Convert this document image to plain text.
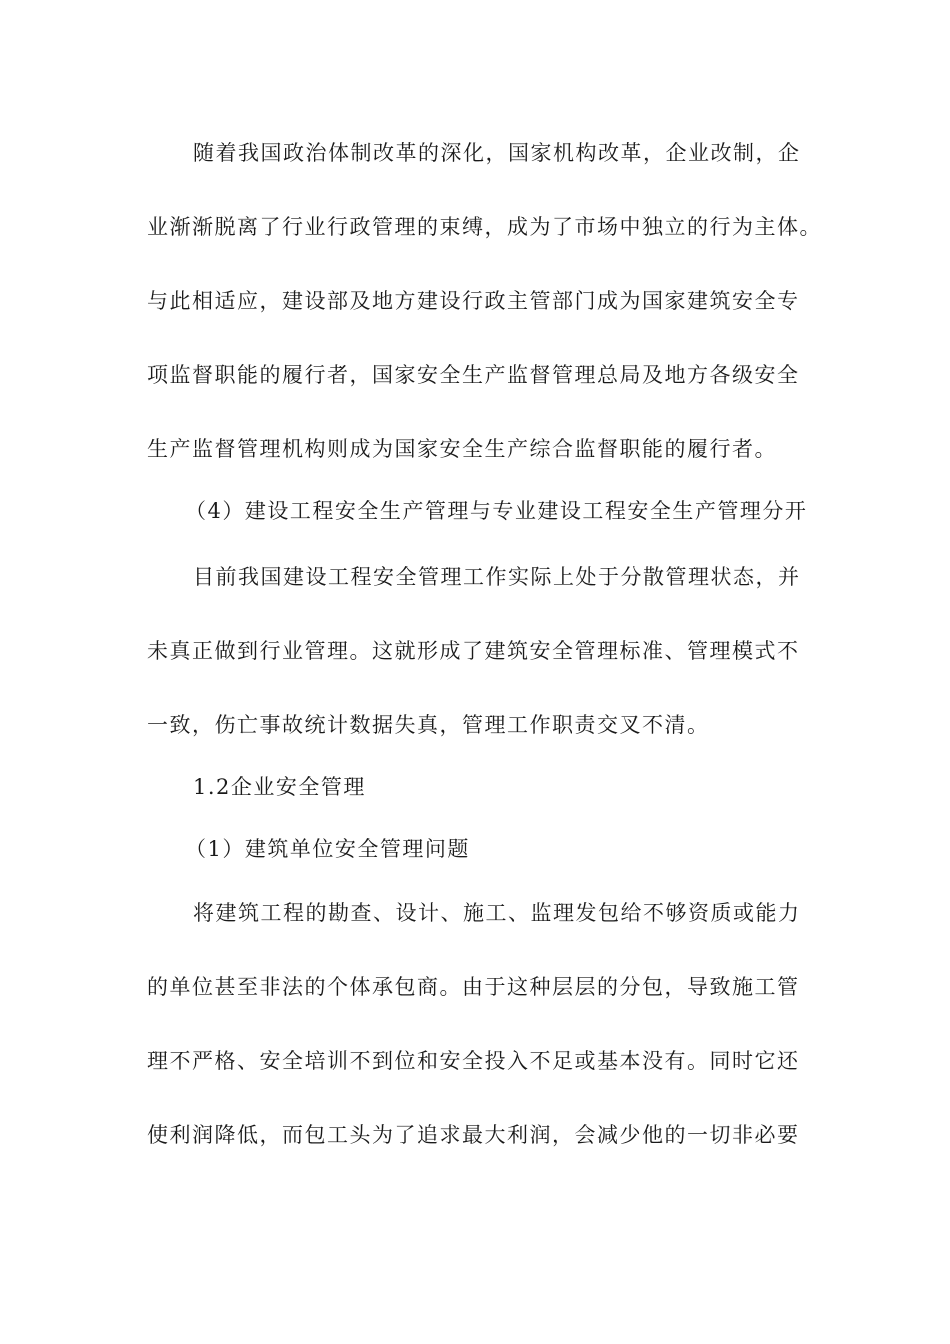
随着我国政治体制改革的深化，国家机构改革，企业改制，企
业渐渐脱离了行业行政管理的束缚，成为了市场中独立的行为主体。
与此相适应，建设部及地方建设行政主管部门成为国家建筑安全专
项监督职能的履行者，国家安全生产监督管理总局及地方各级安全
生产监督管理机构则成为国家安全生产综合监督职能的履行者。
（4）建设工程安全生产管理与专业建设工程安全生产管理分开
目前我国建设工程安全管理工作实际上处于分散管理状态，并
未真正做到行业管理。这就形成了建筑安全管理标准、管理模式不
一致，伤亡事故统计数据失真，管理工作职责交叉不清。
1.2企业安全管理
（1）建筑单位安全管理问题
将建筑工程的勘查、设计、施工、监理发包给不够资质或能力
的单位甚至非法的个体承包商。由于这种层层的分包，导致施工管
理不严格、安全培训不到位和安全投入不足或基本没有。同时它还
使利润降低，而包工头为了追求最大利润，会减少他的一切非必要
